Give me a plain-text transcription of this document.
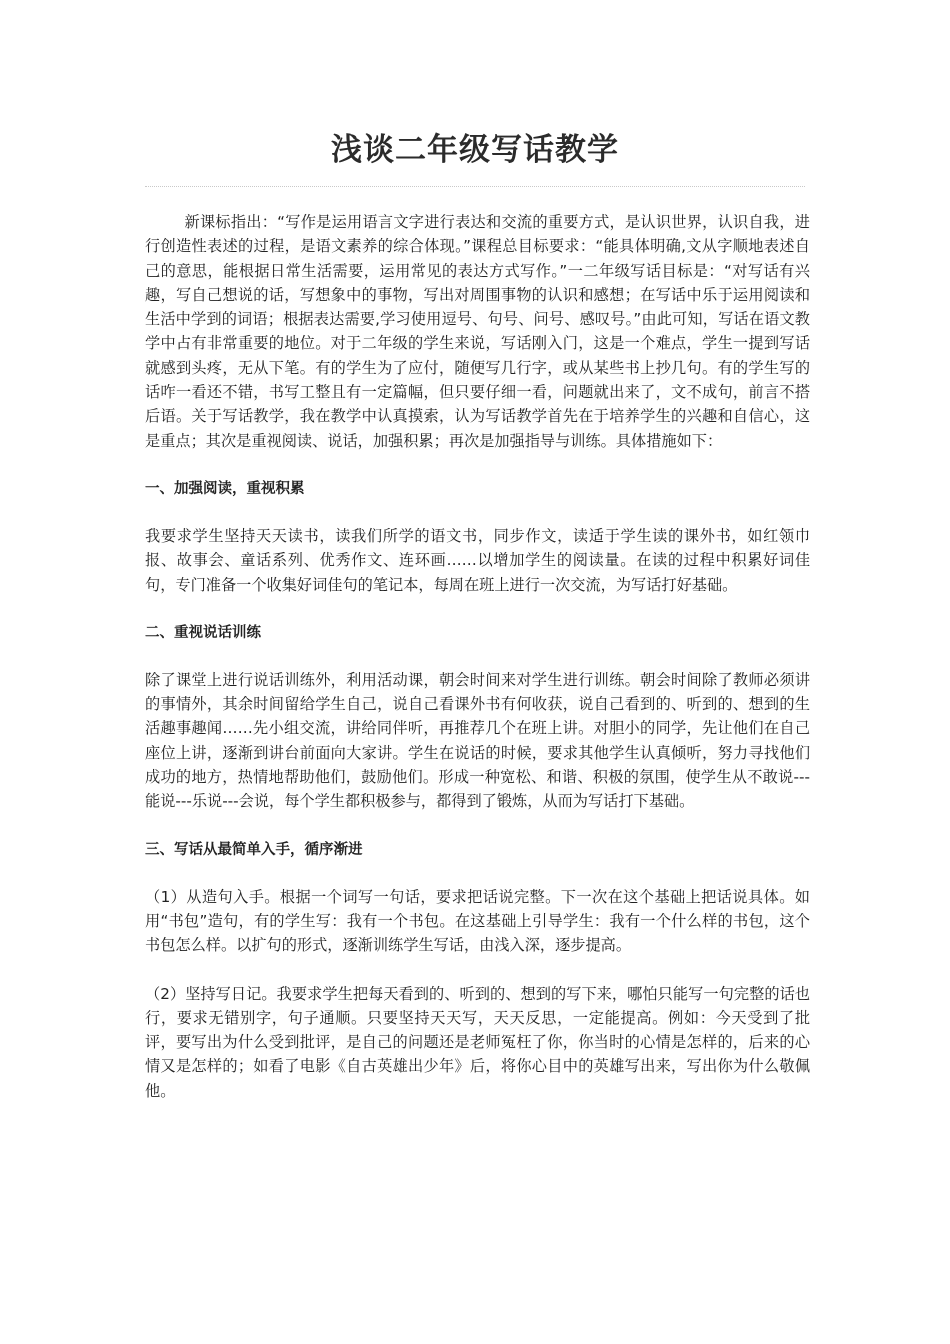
浅谈二年级写话教学

新课标指出：“写作是运用语言文字进行表达和交流的重要方式，是认识世界，认识自我，进行创造性表述的过程，是语文素养的综合体现。”课程总目标要求：“能具体明确,文从字顺地表述自己的意思，能根据日常生活需要，运用常见的表达方式写作。”一二年级写话目标是：“对写话有兴趣，写自己想说的话，写想象中的事物，写出对周围事物的认识和感想；在写话中乐于运用阅读和生活中学到的词语；根据表达需要,学习使用逗号、句号、问号、感叹号。”由此可知，写话在语文教学中占有非常重要的地位。对于二年级的学生来说，写话刚入门，这是一个难点，学生一提到写话就感到头疼，无从下笔。有的学生为了应付，随便写几行字，或从某些书上抄几句。有的学生写的话咋一看还不错，书写工整且有一定篇幅，但只要仔细一看，问题就出来了，文不成句，前言不搭后语。关于写话教学，我在教学中认真摸索，认为写话教学首先在于培养学生的兴趣和自信心，这是重点；其次是重视阅读、说话，加强积累；再次是加强指导与训练。具体措施如下：

一、加强阅读，重视积累

我要求学生坚持天天读书，读我们所学的语文书，同步作文，读适于学生读的课外书，如红领巾报、故事会、童话系列、优秀作文、连环画……以增加学生的阅读量。在读的过程中积累好词佳句，专门准备一个收集好词佳句的笔记本，每周在班上进行一次交流，为写话打好基础。

二、重视说话训练

除了课堂上进行说话训练外，利用活动课，朝会时间来对学生进行训练。朝会时间除了教师必须讲的事情外，其余时间留给学生自己，说自己看课外书有何收获，说自己看到的、听到的、想到的生活趣事趣闻……先小组交流，讲给同伴听，再推荐几个在班上讲。对胆小的同学，先让他们在自己座位上讲，逐渐到讲台前面向大家讲。学生在说话的时候，要求其他学生认真倾听，努力寻找他们成功的地方，热情地帮助他们，鼓励他们。形成一种宽松、和谐、积极的氛围，使学生从不敢说---能说---乐说---会说，每个学生都积极参与，都得到了锻炼，从而为写话打下基础。

三、写话从最简单入手，循序渐进

（1）从造句入手。根据一个词写一句话，要求把话说完整。下一次在这个基础上把话说具体。如用“书包”造句，有的学生写：我有一个书包。在这基础上引导学生：我有一个什么样的书包，这个书包怎么样。以扩句的形式，逐渐训练学生写话，由浅入深，逐步提高。

（2）坚持写日记。我要求学生把每天看到的、听到的、想到的写下来，哪怕只能写一句完整的话也行，要求无错别字，句子通顺。只要坚持天天写，天天反思，一定能提高。例如：今天受到了批评，要写出为什么受到批评，是自己的问题还是老师冤枉了你，你当时的心情是怎样的，后来的心情又是怎样的；如看了电影《自古英雄出少年》后，将你心目中的英雄写出来，写出你为什么敬佩他。
